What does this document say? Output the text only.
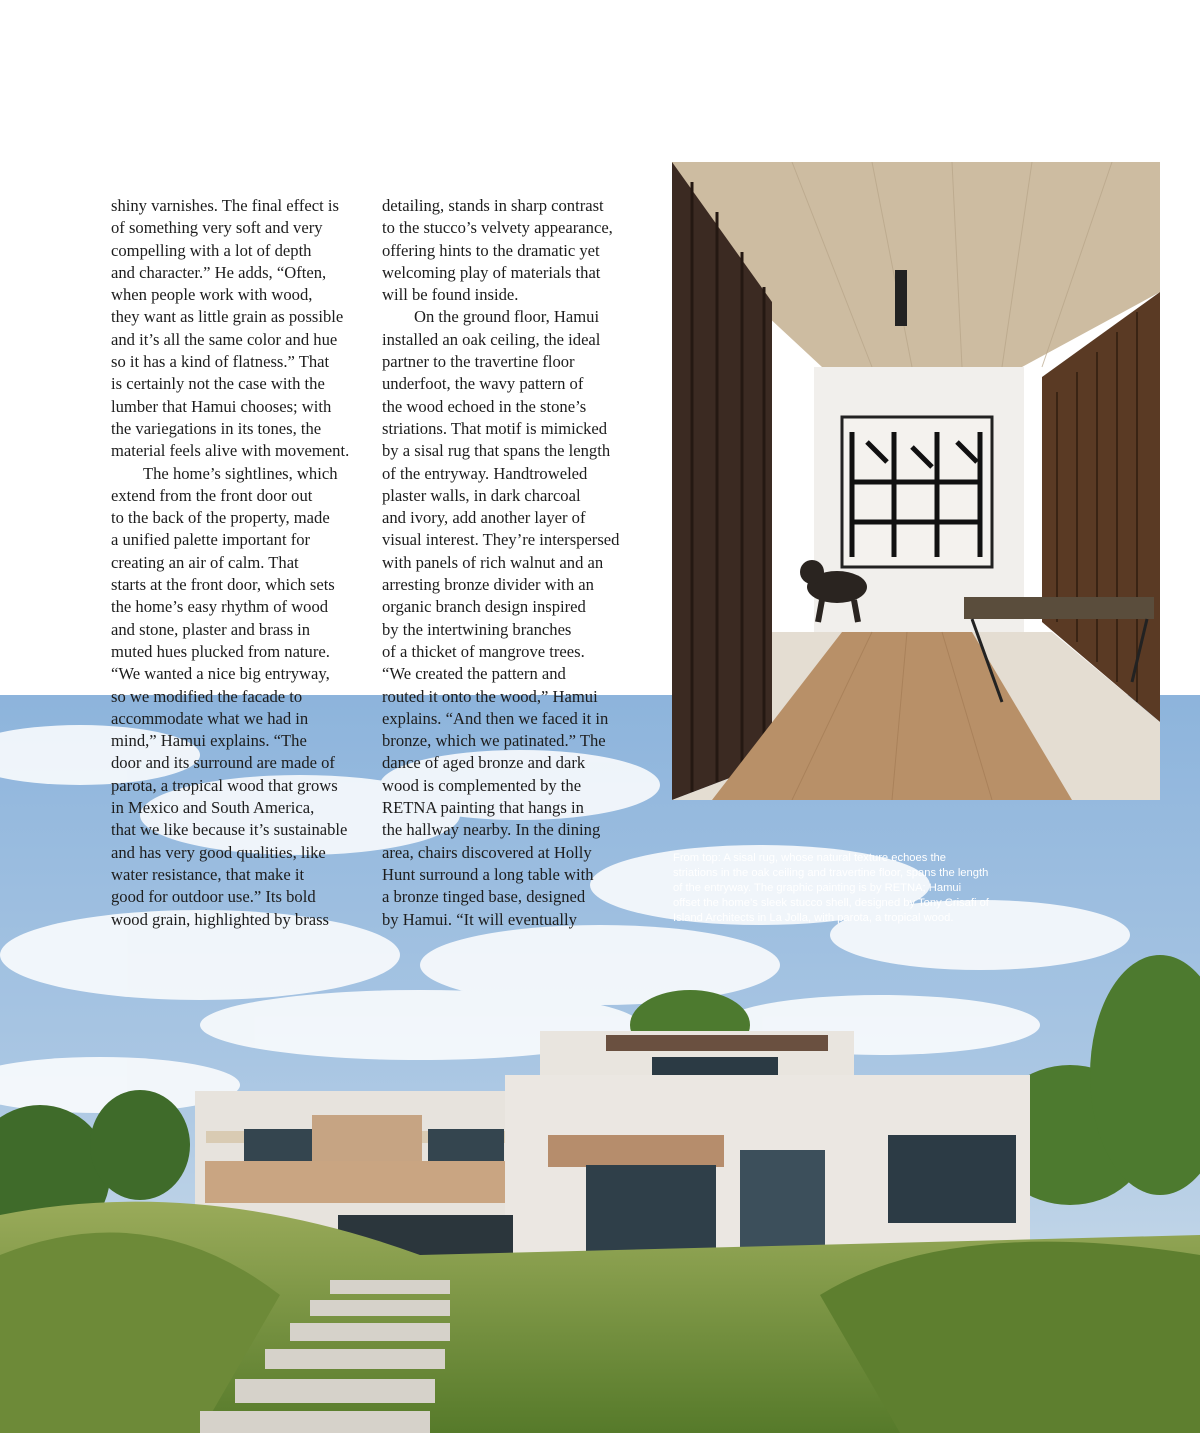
shiny varnishes. The final effect is
of something very soft and very
compelling with a lot of depth
and character.” He adds, “Often,
when people work with wood,
they want as little grain as possible
and it’s all the same color and hue
so it has a kind of flatness.” That
is certainly not the case with the
lumber that Hamui chooses; with
the variegations in its tones, the
material feels alive with movement.
The home’s sightlines, which
extend from the front door out
to the back of the property, made
a unified palette important for
creating an air of calm. That
starts at the front door, which sets
the home’s easy rhythm of wood
and stone, plaster and brass in
muted hues plucked from nature.
“We wanted a nice big entryway,
so we modified the facade to
accommodate what we had in
mind,” Hamui explains. “The
door and its surround are made of
parota, a tropical wood that grows
in Mexico and South America,
that we like because it’s sustainable
and has very good qualities, like
water resistance, that make it
good for outdoor use.” Its bold
wood grain, highlighted by brass
detailing, stands in sharp contrast
to the stucco’s velvety appearance,
offering hints to the dramatic yet
welcoming play of materials that
will be found inside.
On the ground floor, Hamui
installed an oak ceiling, the ideal
partner to the travertine floor
underfoot, the wavy pattern of
the wood echoed in the stone’s
striations. That motif is mimicked
by a sisal rug that spans the length
of the entryway. Handtroweled
plaster walls, in dark charcoal
and ivory, add another layer of
visual interest. They’re interspersed
with panels of rich walnut and an
arresting bronze divider with an
organic branch design inspired
by the intertwining branches
of a thicket of mangrove trees.
“We created the pattern and
routed it onto the wood,” Hamui
explains. “And then we faced it in
bronze, which we patinated.” The
dance of aged bronze and dark
wood is complemented by the
RETNA painting that hangs in
the hallway nearby. In the dining
area, chairs discovered at Holly
Hunt surround a long table with
a bronze tinged base, designed
by Hamui. “It will eventually
From top: A sisal rug, whose natural texture echoes the
striations in the oak ceiling and travertine floor, spans the length
of the entryway. The graphic painting is by RETNA; Hamui
offset the home’s sleek stucco shell, designed by Tony Crisafi of
Island Architects in La Jolla, with parota, a tropical wood.
